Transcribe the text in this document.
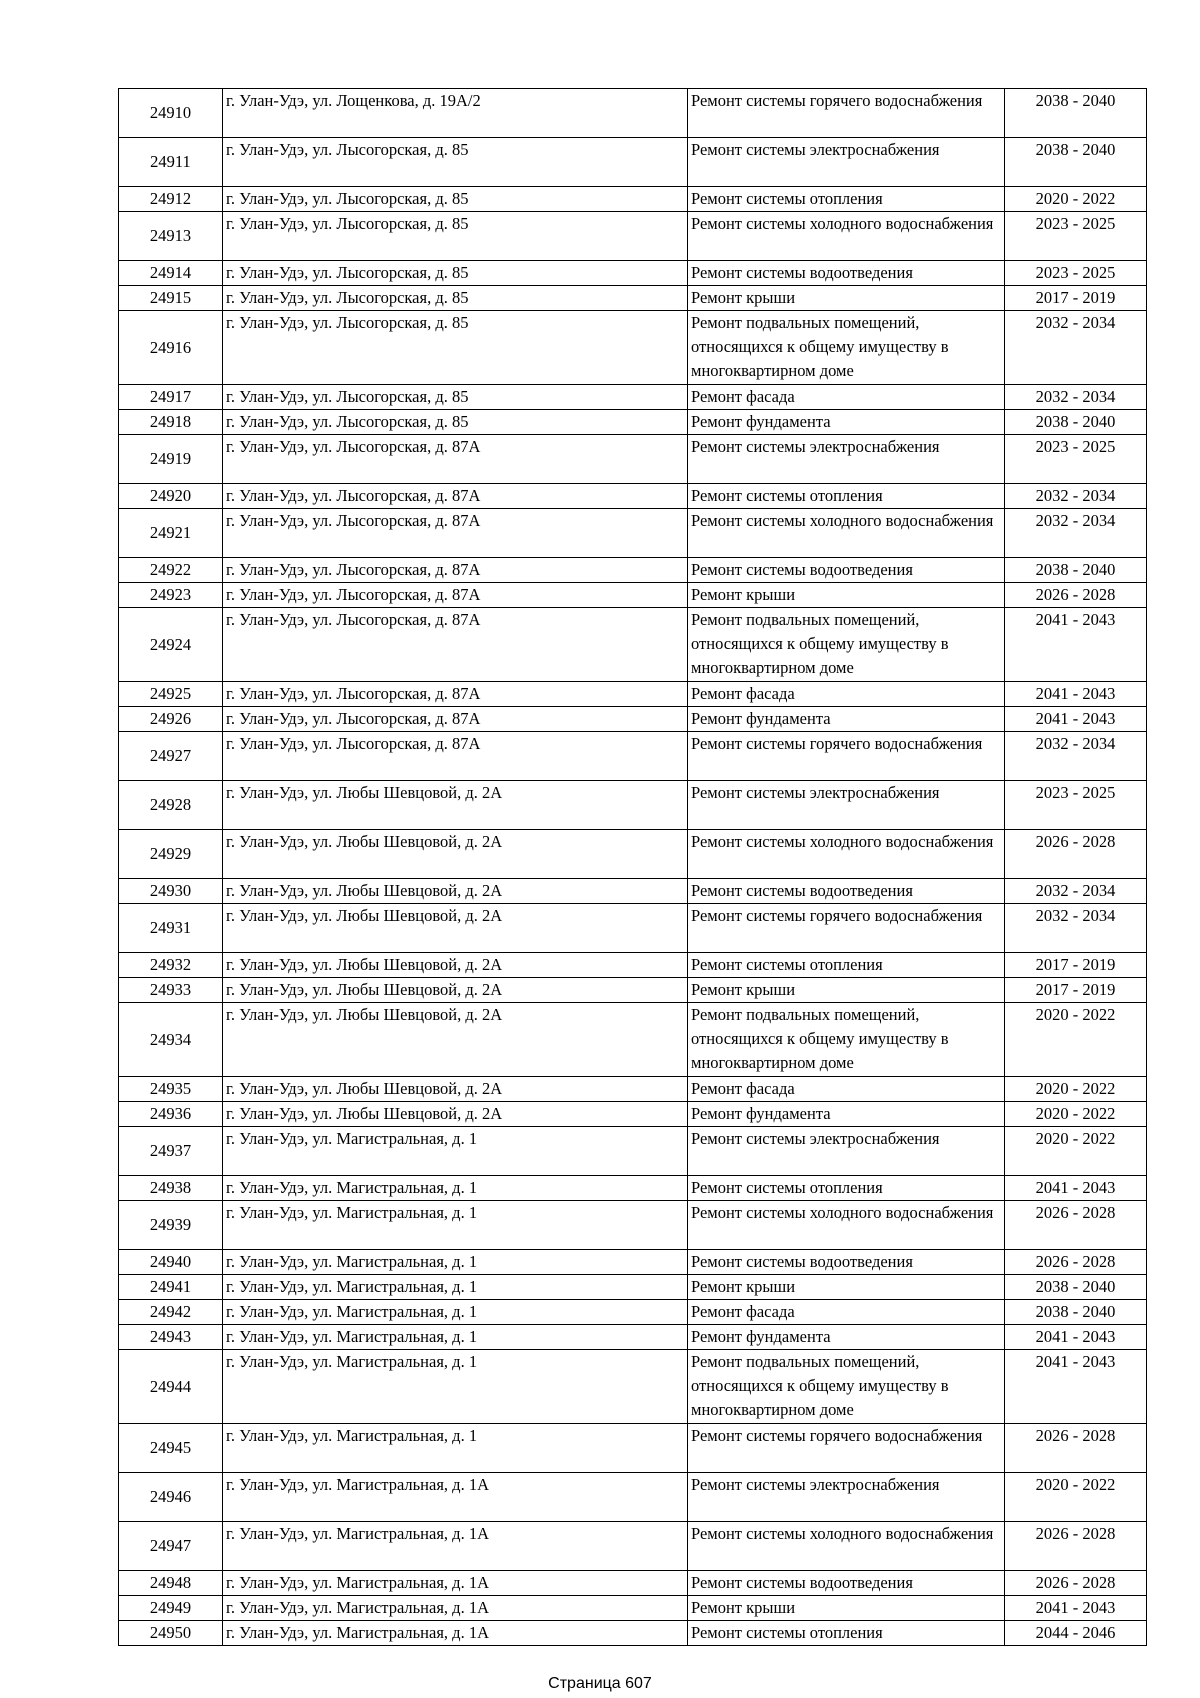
24910	г. Улан-Удэ, ул. Лощенкова, д. 19А/2	Ремонт системы горячего водоснабжения	2038 - 2040
24911	г. Улан-Удэ, ул. Лысогорская, д. 85	Ремонт системы электроснабжения	2038 - 2040
24912	г. Улан-Удэ, ул. Лысогорская, д. 85	Ремонт системы отопления	2020 - 2022
24913	г. Улан-Удэ, ул. Лысогорская, д. 85	Ремонт системы холодного водоснабжения	2023 - 2025
24914	г. Улан-Удэ, ул. Лысогорская, д. 85	Ремонт системы водоотведения	2023 - 2025
24915	г. Улан-Удэ, ул. Лысогорская, д. 85	Ремонт крыши	2017 - 2019
24916	г. Улан-Удэ, ул. Лысогорская, д. 85	Ремонт подвальных помещений, относящихся к общему имуществу в многоквартирном доме	2032 - 2034
24917	г. Улан-Удэ, ул. Лысогорская, д. 85	Ремонт фасада	2032 - 2034
24918	г. Улан-Удэ, ул. Лысогорская, д. 85	Ремонт фундамента	2038 - 2040
24919	г. Улан-Удэ, ул. Лысогорская, д. 87А	Ремонт системы электроснабжения	2023 - 2025
24920	г. Улан-Удэ, ул. Лысогорская, д. 87А	Ремонт системы отопления	2032 - 2034
24921	г. Улан-Удэ, ул. Лысогорская, д. 87А	Ремонт системы холодного водоснабжения	2032 - 2034
24922	г. Улан-Удэ, ул. Лысогорская, д. 87А	Ремонт системы водоотведения	2038 - 2040
24923	г. Улан-Удэ, ул. Лысогорская, д. 87А	Ремонт крыши	2026 - 2028
24924	г. Улан-Удэ, ул. Лысогорская, д. 87А	Ремонт подвальных помещений, относящихся к общему имуществу в многоквартирном доме	2041 - 2043
24925	г. Улан-Удэ, ул. Лысогорская, д. 87А	Ремонт фасада	2041 - 2043
24926	г. Улан-Удэ, ул. Лысогорская, д. 87А	Ремонт фундамента	2041 - 2043
24927	г. Улан-Удэ, ул. Лысогорская, д. 87А	Ремонт системы горячего водоснабжения	2032 - 2034
24928	г. Улан-Удэ, ул. Любы Шевцовой, д. 2А	Ремонт системы электроснабжения	2023 - 2025
24929	г. Улан-Удэ, ул. Любы Шевцовой, д. 2А	Ремонт системы холодного водоснабжения	2026 - 2028
24930	г. Улан-Удэ, ул. Любы Шевцовой, д. 2А	Ремонт системы водоотведения	2032 - 2034
24931	г. Улан-Удэ, ул. Любы Шевцовой, д. 2А	Ремонт системы горячего водоснабжения	2032 - 2034
24932	г. Улан-Удэ, ул. Любы Шевцовой, д. 2А	Ремонт системы отопления	2017 - 2019
24933	г. Улан-Удэ, ул. Любы Шевцовой, д. 2А	Ремонт крыши	2017 - 2019
24934	г. Улан-Удэ, ул. Любы Шевцовой, д. 2А	Ремонт подвальных помещений, относящихся к общему имуществу в многоквартирном доме	2020 - 2022
24935	г. Улан-Удэ, ул. Любы Шевцовой, д. 2А	Ремонт фасада	2020 - 2022
24936	г. Улан-Удэ, ул. Любы Шевцовой, д. 2А	Ремонт фундамента	2020 - 2022
24937	г. Улан-Удэ, ул. Магистральная, д. 1	Ремонт системы электроснабжения	2020 - 2022
24938	г. Улан-Удэ, ул. Магистральная, д. 1	Ремонт системы отопления	2041 - 2043
24939	г. Улан-Удэ, ул. Магистральная, д. 1	Ремонт системы холодного водоснабжения	2026 - 2028
24940	г. Улан-Удэ, ул. Магистральная, д. 1	Ремонт системы водоотведения	2026 - 2028
24941	г. Улан-Удэ, ул. Магистральная, д. 1	Ремонт крыши	2038 - 2040
24942	г. Улан-Удэ, ул. Магистральная, д. 1	Ремонт фасада	2038 - 2040
24943	г. Улан-Удэ, ул. Магистральная, д. 1	Ремонт фундамента	2041 - 2043
24944	г. Улан-Удэ, ул. Магистральная, д. 1	Ремонт подвальных помещений, относящихся к общему имуществу в многоквартирном доме	2041 - 2043
24945	г. Улан-Удэ, ул. Магистральная, д. 1	Ремонт системы горячего водоснабжения	2026 - 2028
24946	г. Улан-Удэ, ул. Магистральная, д. 1А	Ремонт системы электроснабжения	2020 - 2022
24947	г. Улан-Удэ, ул. Магистральная, д. 1А	Ремонт системы холодного водоснабжения	2026 - 2028
24948	г. Улан-Удэ, ул. Магистральная, д. 1А	Ремонт системы водоотведения	2026 - 2028
24949	г. Улан-Удэ, ул. Магистральная, д. 1А	Ремонт крыши	2041 - 2043
24950	г. Улан-Удэ, ул. Магистральная, д. 1А	Ремонт системы отопления	2044 - 2046
Страница 607
